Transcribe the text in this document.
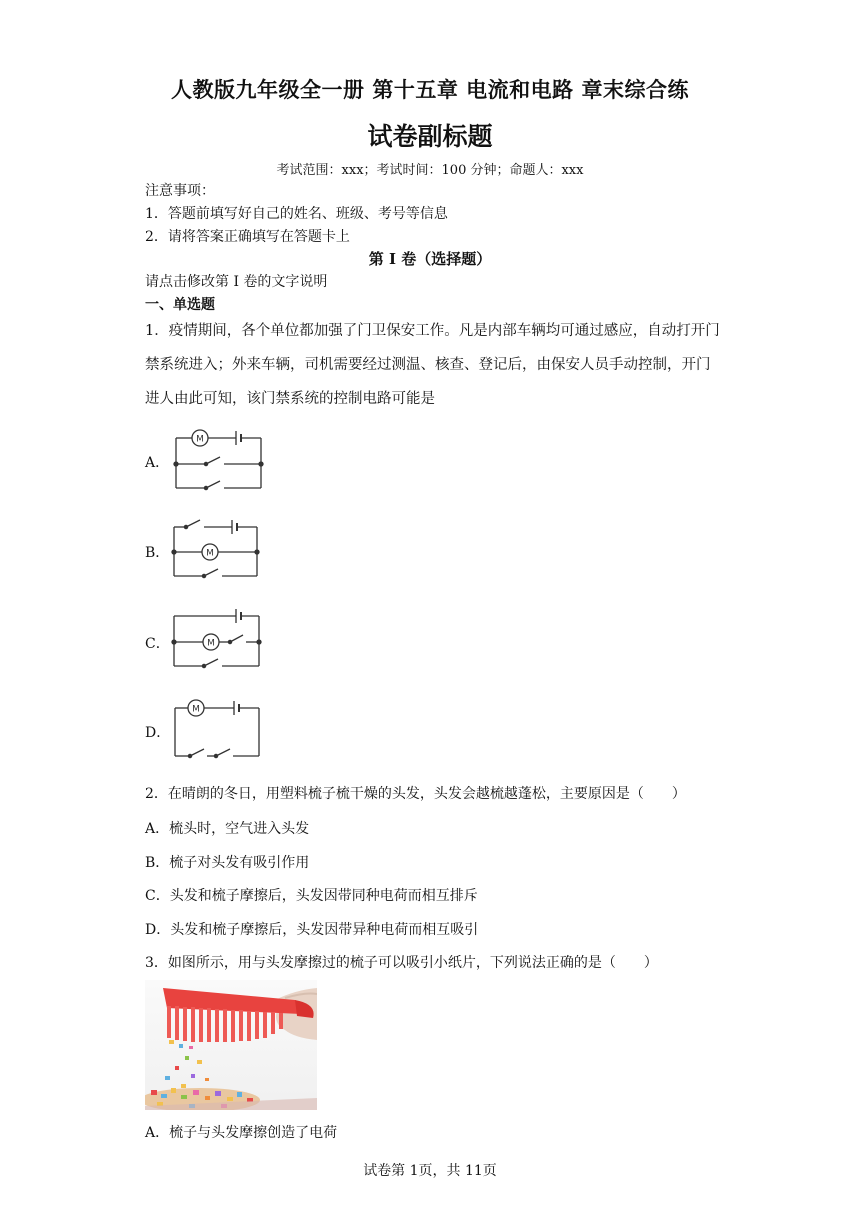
人教版九年级全一册 第十五章 电流和电路 章末综合练
试卷副标题
考试范围：xxx；考试时间：100 分钟；命题人：xxx
注意事项：
1．答题前填写好自己的姓名、班级、考号等信息
2．请将答案正确填写在答题卡上
第 I 卷（选择题）
请点击修改第 I 卷的文字说明
一、单选题
1．疫情期间，各个单位都加强了门卫保安工作。凡是内部车辆均可通过感应，自动打开门禁系统进入；外来车辆，司机需要经过测温、核查、登记后，由保安人员手动控制，开门进人由此可知，该门禁系统的控制电路可能是
A．
M
B．	M
C．	M
D．
M
2．在晴朗的冬日，用塑料梳子梳干燥的头发，头发会越梳越蓬松，主要原因是（　　）
A．梳头时，空气进入头发
B．梳子对头发有吸引作用
C．头发和梳子摩擦后，头发因带同种电荷而相互排斥
D．头发和梳子摩擦后，头发因带异种电荷而相互吸引
3．如图所示，用与头发摩擦过的梳子可以吸引小纸片，下列说法正确的是（　　）
A．梳子与头发摩擦创造了电荷
试卷第 1页，共 11页
